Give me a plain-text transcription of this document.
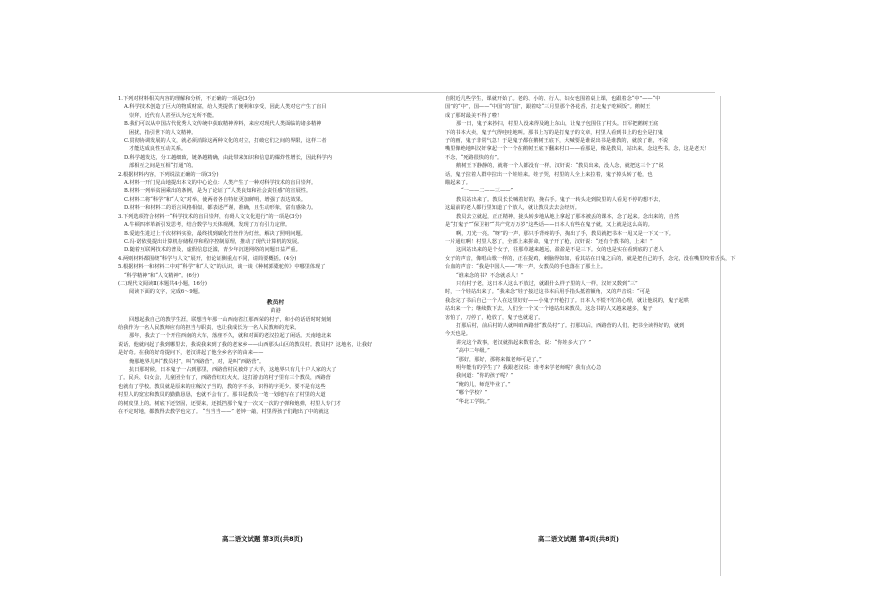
1.下列对材料相关内容的理解和分析，不正确的一项是(3分)
A.科学技术创造了巨大的物质财富，给人类提供了便利和享受，因此人类对它产生了盲目
崇拜，近代有人甚至认为它无所不能。
B.我们可以从中国古代优秀人文传统中获取精神养料，来应对现代人类面临的诸多精神
困扰，指引世下的人文精神。
C.贯彻协调发展的人文，就必须消除这两种文化的对立，打破它们之间的界限，这样二者
才能达成良性互动关系。
D.科学越发达，分工越细致，链条越精确，由此带来知识和信息的爆炸性增长，因此科学内
部相互之间是互相“打通”的。
2.根据材料内容，下列说法正确的一项(3分)
A.材料一开门见山地提出本文的中心论点：人类产生了一种对科学技术的盲目崇拜。
B.材料一列举贫困乘出的条例，是为了论证了“人类良知和社会责任感”的宣展性。
C.材料二将“科学”和“人文”对举，使两者各自特征更加鲜明，增强了表达效果。
D.材料一和材料二的语言风格相似，都表述严谨，准确，且生动形象，富有感染力。
3.下列选项符合材料一“科学技术的盲目崇拜，有碍人文文化进行”的一项是(3分)
A.牛顿四率革新引发思考，结合数学与天体观测，发现了万有引力定律。
B.爱迪生进过上千次材料实验，最终找到碳化竹丝作为灯丝，解决了照明问题。
C.冯·诺依曼提出计算机存储程序和程序控制原理，推动了现代计算机的发展。
D.随着互联网技术的普及，虚假信息泛滥，青少年沉迷网络的问题日益严重。
4.两则材料都围绕“科学与人文”展开，但论证侧重点不同，请简要概括。(4分)
5.根据材料一和材料二中对“科学”和“人文”的认识，谈一谈《种树郭橐驼传》中哪里体现了
“科学精神”和“人文精神”。(6分)
(二)现代文阅读Ⅱ(本题共4小题，16分)
阅读下面的文字，完成6～9题。
教员村
苗港
回想起我自己的教学生涯，联想当年那一山西南省江那西荣的村子，和小的话语时时刻刻
给我作为一名人民教师应有的担当与职责，也让我成长为一名人民教师的光荣。
那年，我去了一个开往西南的大车，落座不久，就和对面的老汉拉起了闲话。天南地北来
说话，他就问起了我到哪里去，我说我来到了我的老家乡——山西那头山区的教员村。教员村？这地名，让我好
是好奇。在我的好奇提问下，老汉讲起了他全乡名字的由来——
俺那地界儿叫“教员村”，叫“西路营”，对，是叫“西路营”。
抗日那时候，日本鬼子一占到那里，西路营村民被炸了大半，这地界只有几十户人家的大了
了。民兵、妇女会，儿童团全有了，西路营红红火火。这打游击的村子里有三个教员，西路营
也就有了学校。教员就是原来的庄稼汉子当的，教的字不多，识得的字更少。要不是有这些
村里人的宽宏和教员的勤勤恳恳，也就不会有了。那书是教员一笔一划地写在了村里的大道
的树皮里上的。树底下还坚固，还要来，还抵挡那个鬼子一次又一次的子弹和炮弹，村里人专门才
在不定时地，都教得去教学也完了。 “当当当——” 老钟一敲，村里得孩子们跑出了中的就这
自附近几些学生，课就开始了。老的、小的、行人、妇女也围着桌上课，也跟着念“中”——“中
国”的“中”，国——“中国”的“国”，跟着唸“三月里那个各花香，打走鬼子吃顿饭”。鹅树王
成了那时最美不得了啦！
那一日，鬼子来抄扫，村里人没来得及跑上东山，让鬼子包围住了村头。日军把鹅树王底
下的书本大卖，鬼子气得哇哇地叫。那书上写的是打鬼子的文章，村里人看到书上的也全是打鬼
子的画，鬼子非常气急！于是鬼子都在鹅树王底下，大喊要是谁说出书是谁教的，就放了谁，不说
嘴里像绝地叫汉奸拿起一个一个在鹅树王底下翻来村口——看那是，像是教员，站出来，念这些书。念，这是老天！
不念，“死路很快的有”。
鹅树王下静静的，就将一个人都没有一样。汉奸说：“教员出来，没人念，就把这三个了”说
话，鬼子拉着人群中拉出一个娃娃来。娃子哭，村里的人全上来拉着，鬼子掉头转了枪，也
瞄起来了。
“一——二——三——”
教员站出来了。教员长长喊着好的，挽右手。鬼子一转头走到院里的人看见不停的想不去，
这最前的老人都行里知道了个放人，就让教员去去会经历。
教员去立就起，正正精神，拢头转步地从地上拿起了那本被丢的课本，念了起来。念出来的，自然
是“打鬼子”“保卫祖”“共产党万万岁”这些话——日本人有些在鬼子就，又上就是这么高的。
啊，刀光一亮。“呀”的一声，那只手背疼的手，掏出了手，教员就把书本一甩又是一下又一下。
一片通红啊！村里人怒了，全部上来拼命。鬼子开了枪，汉奸说：“还有个教书的，上来！”
这回站出来的是个女子，往那草越来越远，盈盈是不是三下。女的也是实在看到底的了老人
女子的声音，像唱山歌一样的，正在捉鸡，刺脑得如如，看其站在日鬼之后的，就是把自己的手，念完，没在嘴里咬着舌头，下
台血的声音：“我是中国人——”咔一声，女教员的手也落在了那土上。
“谁来念的书？不念就杀人！”
只有村子老，这日本人这么不放过，就跟什么样子里的人一样，汉奸又数到“三”
时，一个娃站出来了。“我来念”娃子接过这书本后用手指头抵着额角，又的声音说：“可是
我念完了书后自己一个人在这里好好——小鬼子开枪打了。日本人不慌不忙的心理，就让他说的，鬼子起哄
站出来一个；继续数下去，人们全一个又一个地站出来教员。这念书的人又越来越多，鬼子
害怕了，刀停了，枪放了，鬼子也就退了。
打那后村，前后村的人就叫咱西路营“教员村”了。打那以后，西路营的人们，把书全读得好的，就到
今天也是。
讲完这个故事，老汉就掐起来数着念，说：“你娃多大了？”
“高中二年级。”
“那好，那好，那将来做老师可是了。”
明年能有的学生了？我跟老汉说：谁考来学老师呢？我有点心急
我问道：“你的孩子呢？”
“俺的儿，师范毕业了。”
“哪个学校？”
“华北工学院。”
高二语文试题 第3页(共8页)	高二语文试题 第4页(共8页)
